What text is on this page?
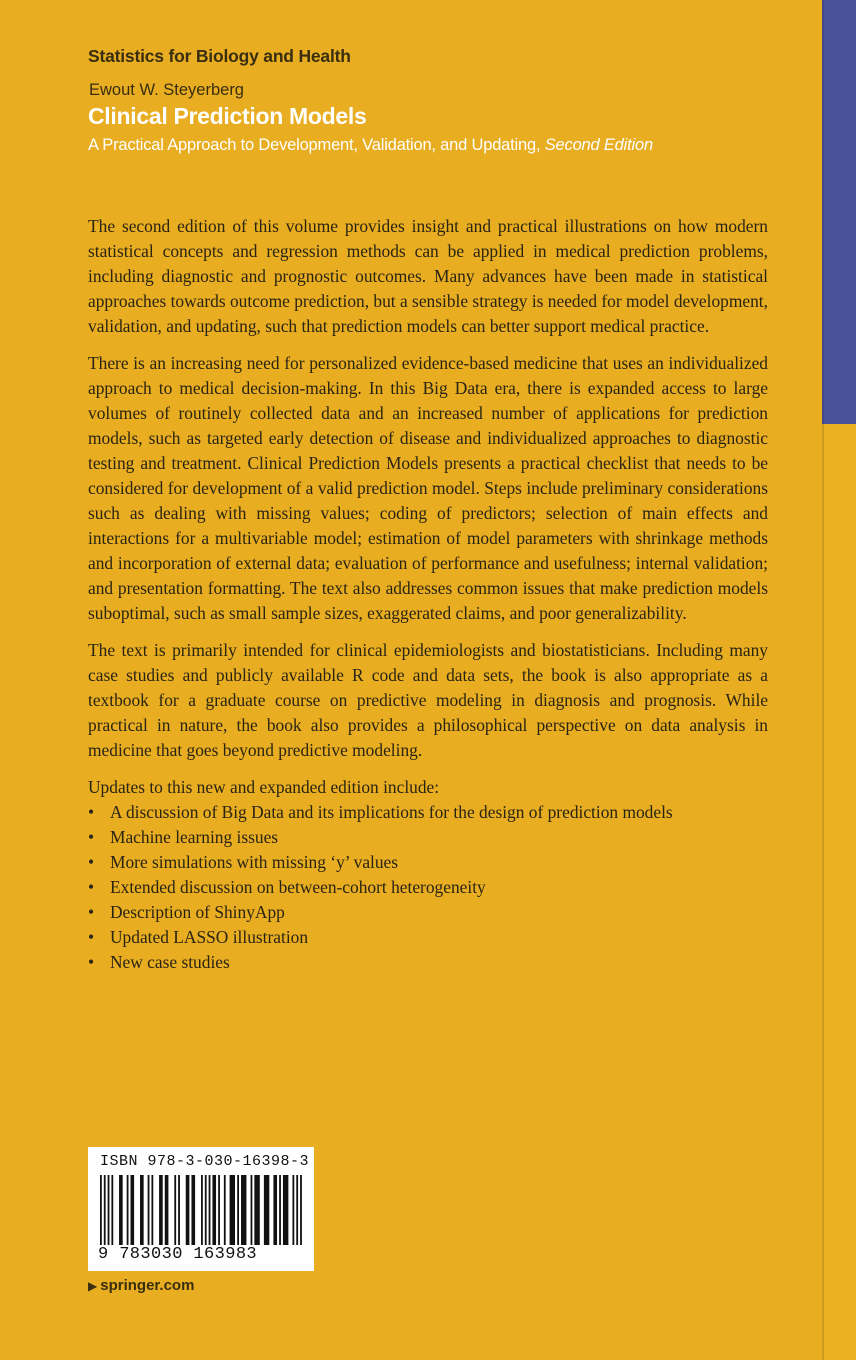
Statistics for Biology and Health
Ewout W. Steyerberg
Clinical Prediction Models
A Practical Approach to Development, Validation, and Updating, Second Edition

The second edition of this volume provides insight and practical illustrations on how modern statistical concepts and regression methods can be applied in medical prediction problems, including diagnostic and prognostic outcomes. Many advances have been made in statistical approaches towards outcome prediction, but a sensible strategy is needed for model development, validation, and updating, such that prediction models can better support medical practice.

There is an increasing need for personalized evidence-based medicine that uses an individualized approach to medical decision-making. In this Big Data era, there is expanded access to large volumes of routinely collected data and an increased number of applications for prediction models, such as targeted early detection of disease and individualized approaches to diagnostic testing and treatment. Clinical Prediction Models presents a practical checklist that needs to be considered for development of a valid prediction model. Steps include preliminary considerations such as dealing with missing values; coding of predictors; selection of main effects and interactions for a multivariable model; estimation of model parameters with shrinkage methods and incorporation of external data; evaluation of performance and usefulness; internal validation; and presentation formatting. The text also addresses common issues that make prediction models suboptimal, such as small sample sizes, exaggerated claims, and poor generalizability.

The text is primarily intended for clinical epidemiologists and biostatisticians. Including many case studies and publicly available R code and data sets, the book is also appropriate as a textbook for a graduate course on predictive modeling in diagnosis and prognosis. While practical in nature, the book also provides a philosophical perspective on data analysis in medicine that goes beyond predictive modeling.

Updates to this new and expanded edition include:
• A discussion of Big Data and its implications for the design of prediction models
• Machine learning issues
• More simulations with missing ‘y’ values
• Extended discussion on between-cohort heterogeneity
• Description of ShinyApp
• Updated LASSO illustration
• New case studies
ISBN 978-3-030-16398-3
9 783030 163983
▶ springer.com
